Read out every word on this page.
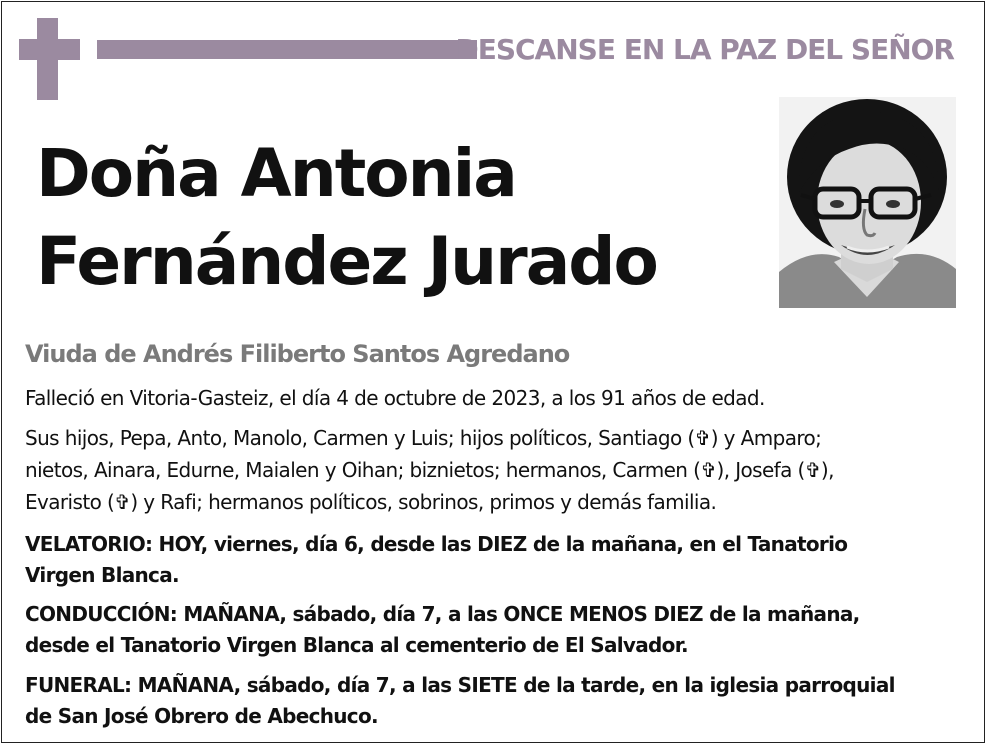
DESCANSE EN LA PAZ DEL SEÑOR
Doña Antonia
Fernández Jurado
Viuda de Andrés Filiberto Santos Agredano
Falleció en Vitoria-Gasteiz, el día 4 de octubre de 2023, a los 91 años de edad.
Sus hijos, Pepa, Anto, Manolo, Carmen y Luis; hijos políticos, Santiago (✞) y Amparo;
nietos, Ainara, Edurne, Maialen y Oihan; biznietos; hermanos, Carmen (✞), Josefa (✞),
Evaristo (✞) y Rafi; hermanos políticos, sobrinos, primos y demás familia.
VELATORIO: HOY, viernes, día 6, desde las DIEZ de la mañana, en el Tanatorio
Virgen Blanca.
CONDUCCIÓN: MAÑANA, sábado, día 7, a las ONCE MENOS DIEZ de la mañana,
desde el Tanatorio Virgen Blanca al cementerio de El Salvador.
FUNERAL: MAÑANA, sábado, día 7, a las SIETE de la tarde, en la iglesia parroquial
de San José Obrero de Abechuco.
